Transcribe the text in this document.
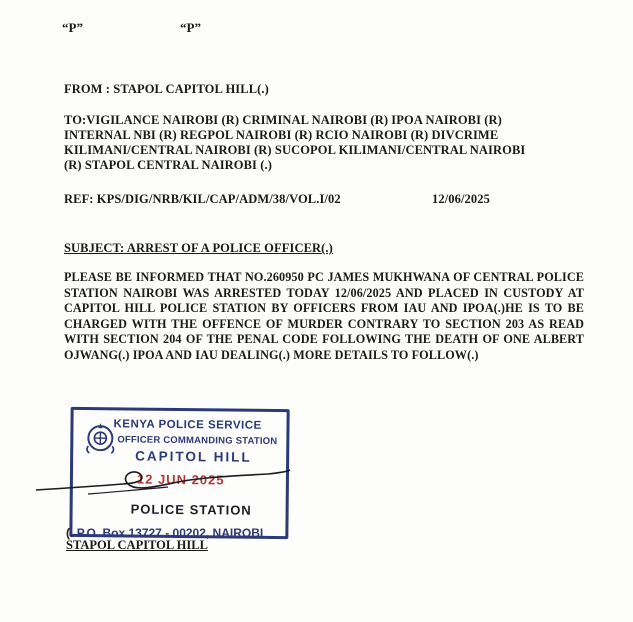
“P”	“P”
FROM : STAPOL CAPITOL HILL(.)
TO:VIGILANCE NAIROBI (R) CRIMINAL NAIROBI (R) IPOA NAIROBI (R)
INTERNAL NBI (R) REGPOL NAIROBI (R) RCIO NAIROBI (R) DIVCRIME
KILIMANI/CENTRAL NAIROBI (R) SUCOPOL KILIMANI/CENTRAL NAIROBI
(R) STAPOL CENTRAL NAIROBI (.)
REF: KPS/DIG/NRB/KIL/CAP/ADM/38/VOL.I/02	12/06/2025
SUBJECT: ARREST OF A POLICE OFFICER(.)
PLEASE BE INFORMED THAT NO.260950 PC JAMES MUKHWANA OF CENTRAL POLICE STATION NAIROBI WAS ARRESTED TODAY 12/06/2025 AND PLACED IN CUSTODY AT CAPITOL HILL POLICE STATION BY OFFICERS FROM IAU AND IPOA(.)HE IS TO BE CHARGED WITH THE OFFENCE OF MURDER CONTRARY TO SECTION 203 AS READ WITH SECTION 204 OF THE PENAL CODE FOLLOWING THE DEATH OF ONE ALBERT OJWANG(.) IPOA AND IAU DEALING(.) MORE DETAILS TO FOLLOW(.)
KENYA POLICE SERVICE
OFFICER COMMANDING STATION
CAPITOL HILL
12 JUN 2025
POLICE STATION
(. P.O. Box 13727 - 00202, NAIROBI
STAPOL CAPITOL HILL
